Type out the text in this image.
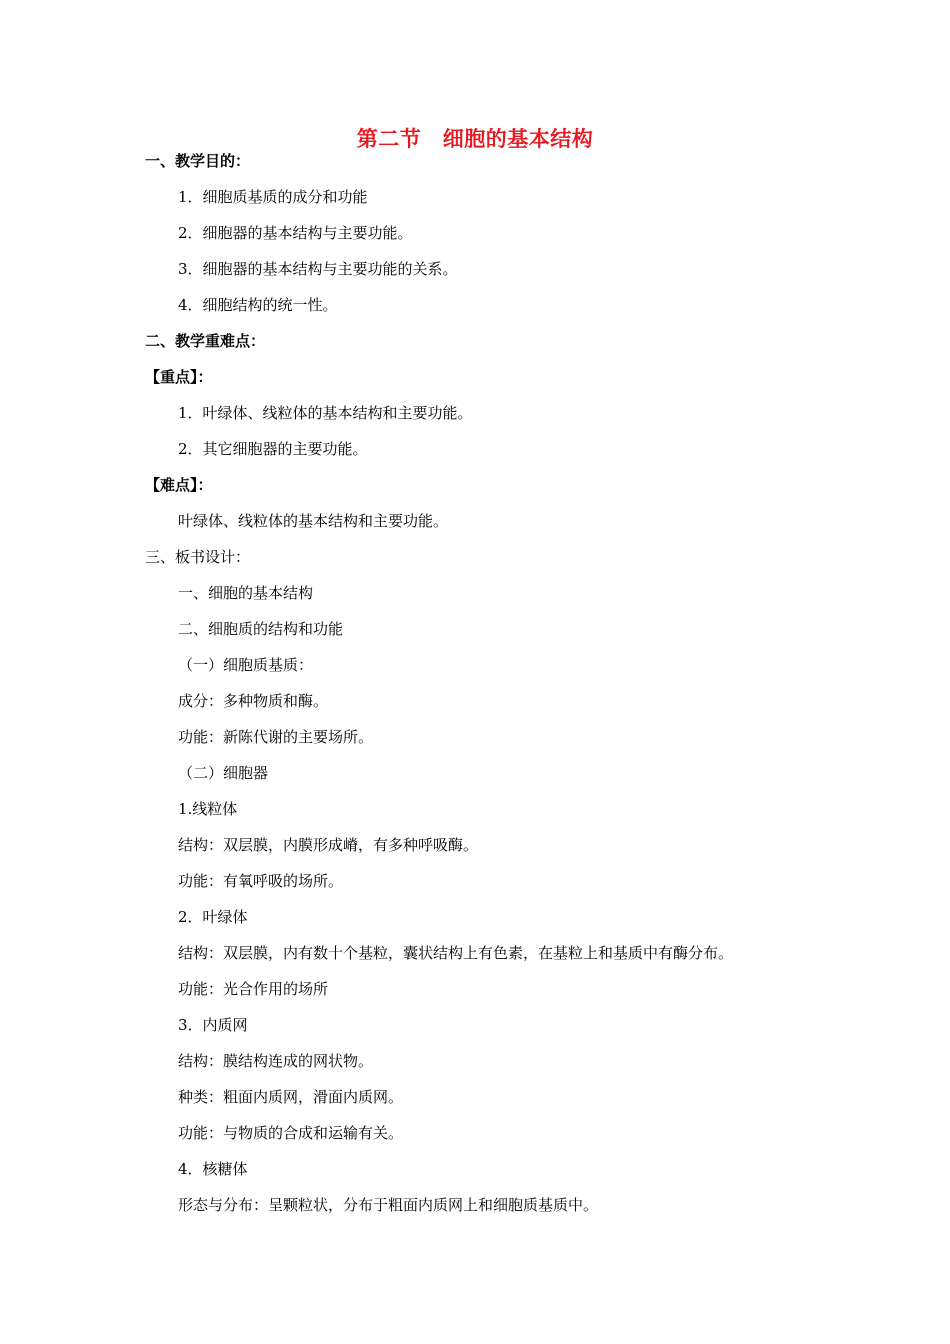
第二节　细胞的基本结构
一、教学目的：
1．细胞质基质的成分和功能
2．细胞器的基本结构与主要功能。
3．细胞器的基本结构与主要功能的关系。
4．细胞结构的统一性。
二、教学重难点：
【重点】：
1．叶绿体、线粒体的基本结构和主要功能。
2．其它细胞器的主要功能。
【难点】：
叶绿体、线粒体的基本结构和主要功能。
三、板书设计：
一、细胞的基本结构
二、细胞质的结构和功能
（一）细胞质基质：
成分：多种物质和酶。
功能：新陈代谢的主要场所。
（二）细胞器
1.线粒体
结构：双层膜，内膜形成嵴，有多种呼吸酶。
功能：有氧呼吸的场所。
2．叶绿体
结构：双层膜，内有数十个基粒，囊状结构上有色素，在基粒上和基质中有酶分布。
功能：光合作用的场所
3．内质网
结构：膜结构连成的网状物。
种类：粗面内质网，滑面内质网。
功能：与物质的合成和运输有关。
4．核糖体
形态与分布：呈颗粒状，分布于粗面内质网上和细胞质基质中。
